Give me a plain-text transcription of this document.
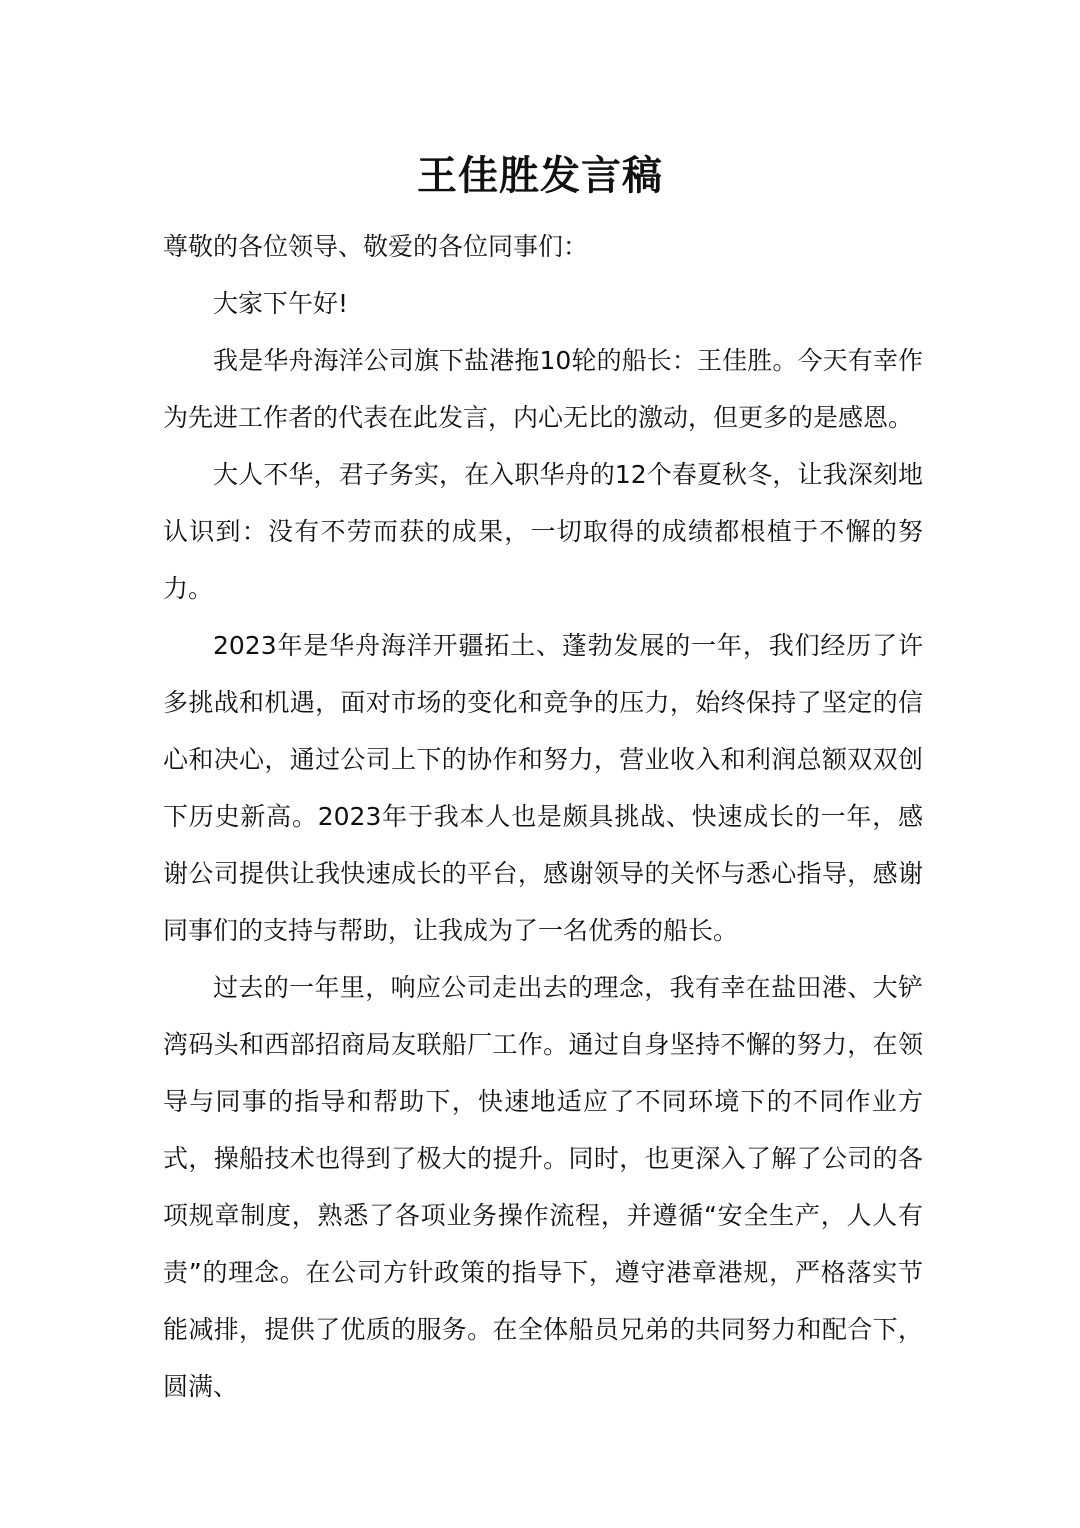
王佳胜发言稿

尊敬的各位领导、敬爱的各位同事们：

大家下午好!

我是华舟海洋公司旗下盐港拖10轮的船长：王佳胜。今天有幸作为先进工作者的代表在此发言，内心无比的激动，但更多的是感恩。

大人不华，君子务实，在入职华舟的12个春夏秋冬，让我深刻地认识到：没有不劳而获的成果，一切取得的成绩都根植于不懈的努力。

2023年是华舟海洋开疆拓土、蓬勃发展的一年，我们经历了许多挑战和机遇，面对市场的变化和竞争的压力，始终保持了坚定的信心和决心，通过公司上下的协作和努力，营业收入和利润总额双双创下历史新高。2023年于我本人也是颇具挑战、快速成长的一年，感谢公司提供让我快速成长的平台，感谢领导的关怀与悉心指导，感谢同事们的支持与帮助，让我成为了一名优秀的船长。

过去的一年里，响应公司走出去的理念，我有幸在盐田港、大铲湾码头和西部招商局友联船厂工作。通过自身坚持不懈的努力，在领导与同事的指导和帮助下，快速地适应了不同环境下的不同作业方式，操船技术也得到了极大的提升。同时，也更深入了解了公司的各项规章制度，熟悉了各项业务操作流程，并遵循“安全生产，人人有责”的理念。在公司方针政策的指导下，遵守港章港规，严格落实节能减排，提供了优质的服务。在全体船员兄弟的共同努力和配合下，圆满、
